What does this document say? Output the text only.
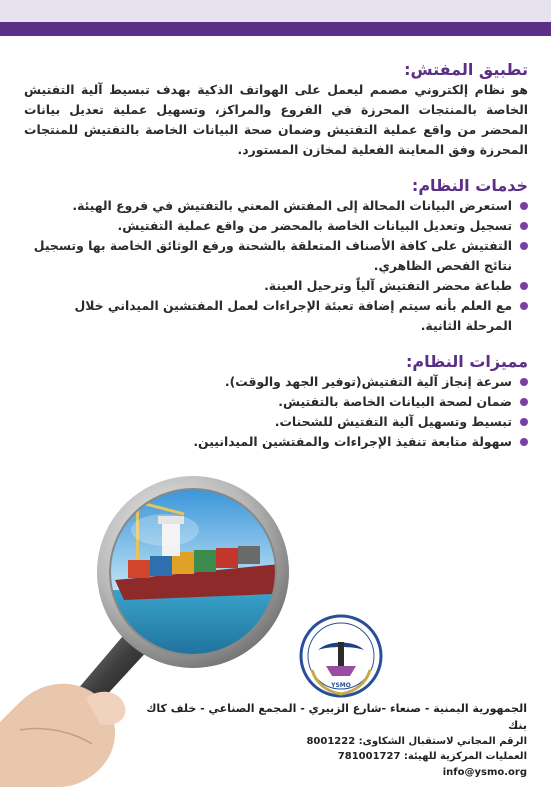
تطبيق المفتش:

هو نظام إلكتروني مصمم ليعمل على الهواتف الذكية بهدف تبسيط آلية التفتيش الخاصة بالمنتجات المحرزة في الفروع والمراكز، وتسهيل عملية تعديل بيانات المحضر من واقع عملية التفتيش وضمان صحة البيانات الخاصة بالتفتيش للمنتجات المحرزة وفق المعاينة الفعلية لمخازن المستورد.

خدمات النظام:
استعرض البيانات المحالة إلى المفتش المعني بالتفتيش في فروع الهيئة.
تسجيل وتعديل البيانات الخاصة بالمحضر من واقع عملية التفتيش.
التفتيش على كافة الأصناف المتعلقة بالشحنة ورفع الوثائق الخاصة بها وتسجيل نتائج الفحص الظاهري.
طباعة محضر التفتيش آلياً وترحيل العينة.
مع العلم بأنه سيتم إضافة تعبئة الإجراءات لعمل المفتشين الميداني خلال المرحلة الثانية.
مميزات النظام:
سرعة إنجاز آلية التفتيش(توفير الجهد والوقت).
ضمان لصحة البيانات الخاصة بالتفتيش.
تبسيط وتسهيل آلية التفتيش للشحنات.
سهولة متابعة تنفيذ الإجراءات والمفتشين الميدانيين.
YSMO
الجمهورية اليمنية - صنعاء -شارع الزبيري - المجمع الصناعي - خلف كاك بنك
الرقم المجاني لاستقبال الشكاوى: 8001222
العمليات المركزية للهيئة: 781001727
info@ysmo.org
